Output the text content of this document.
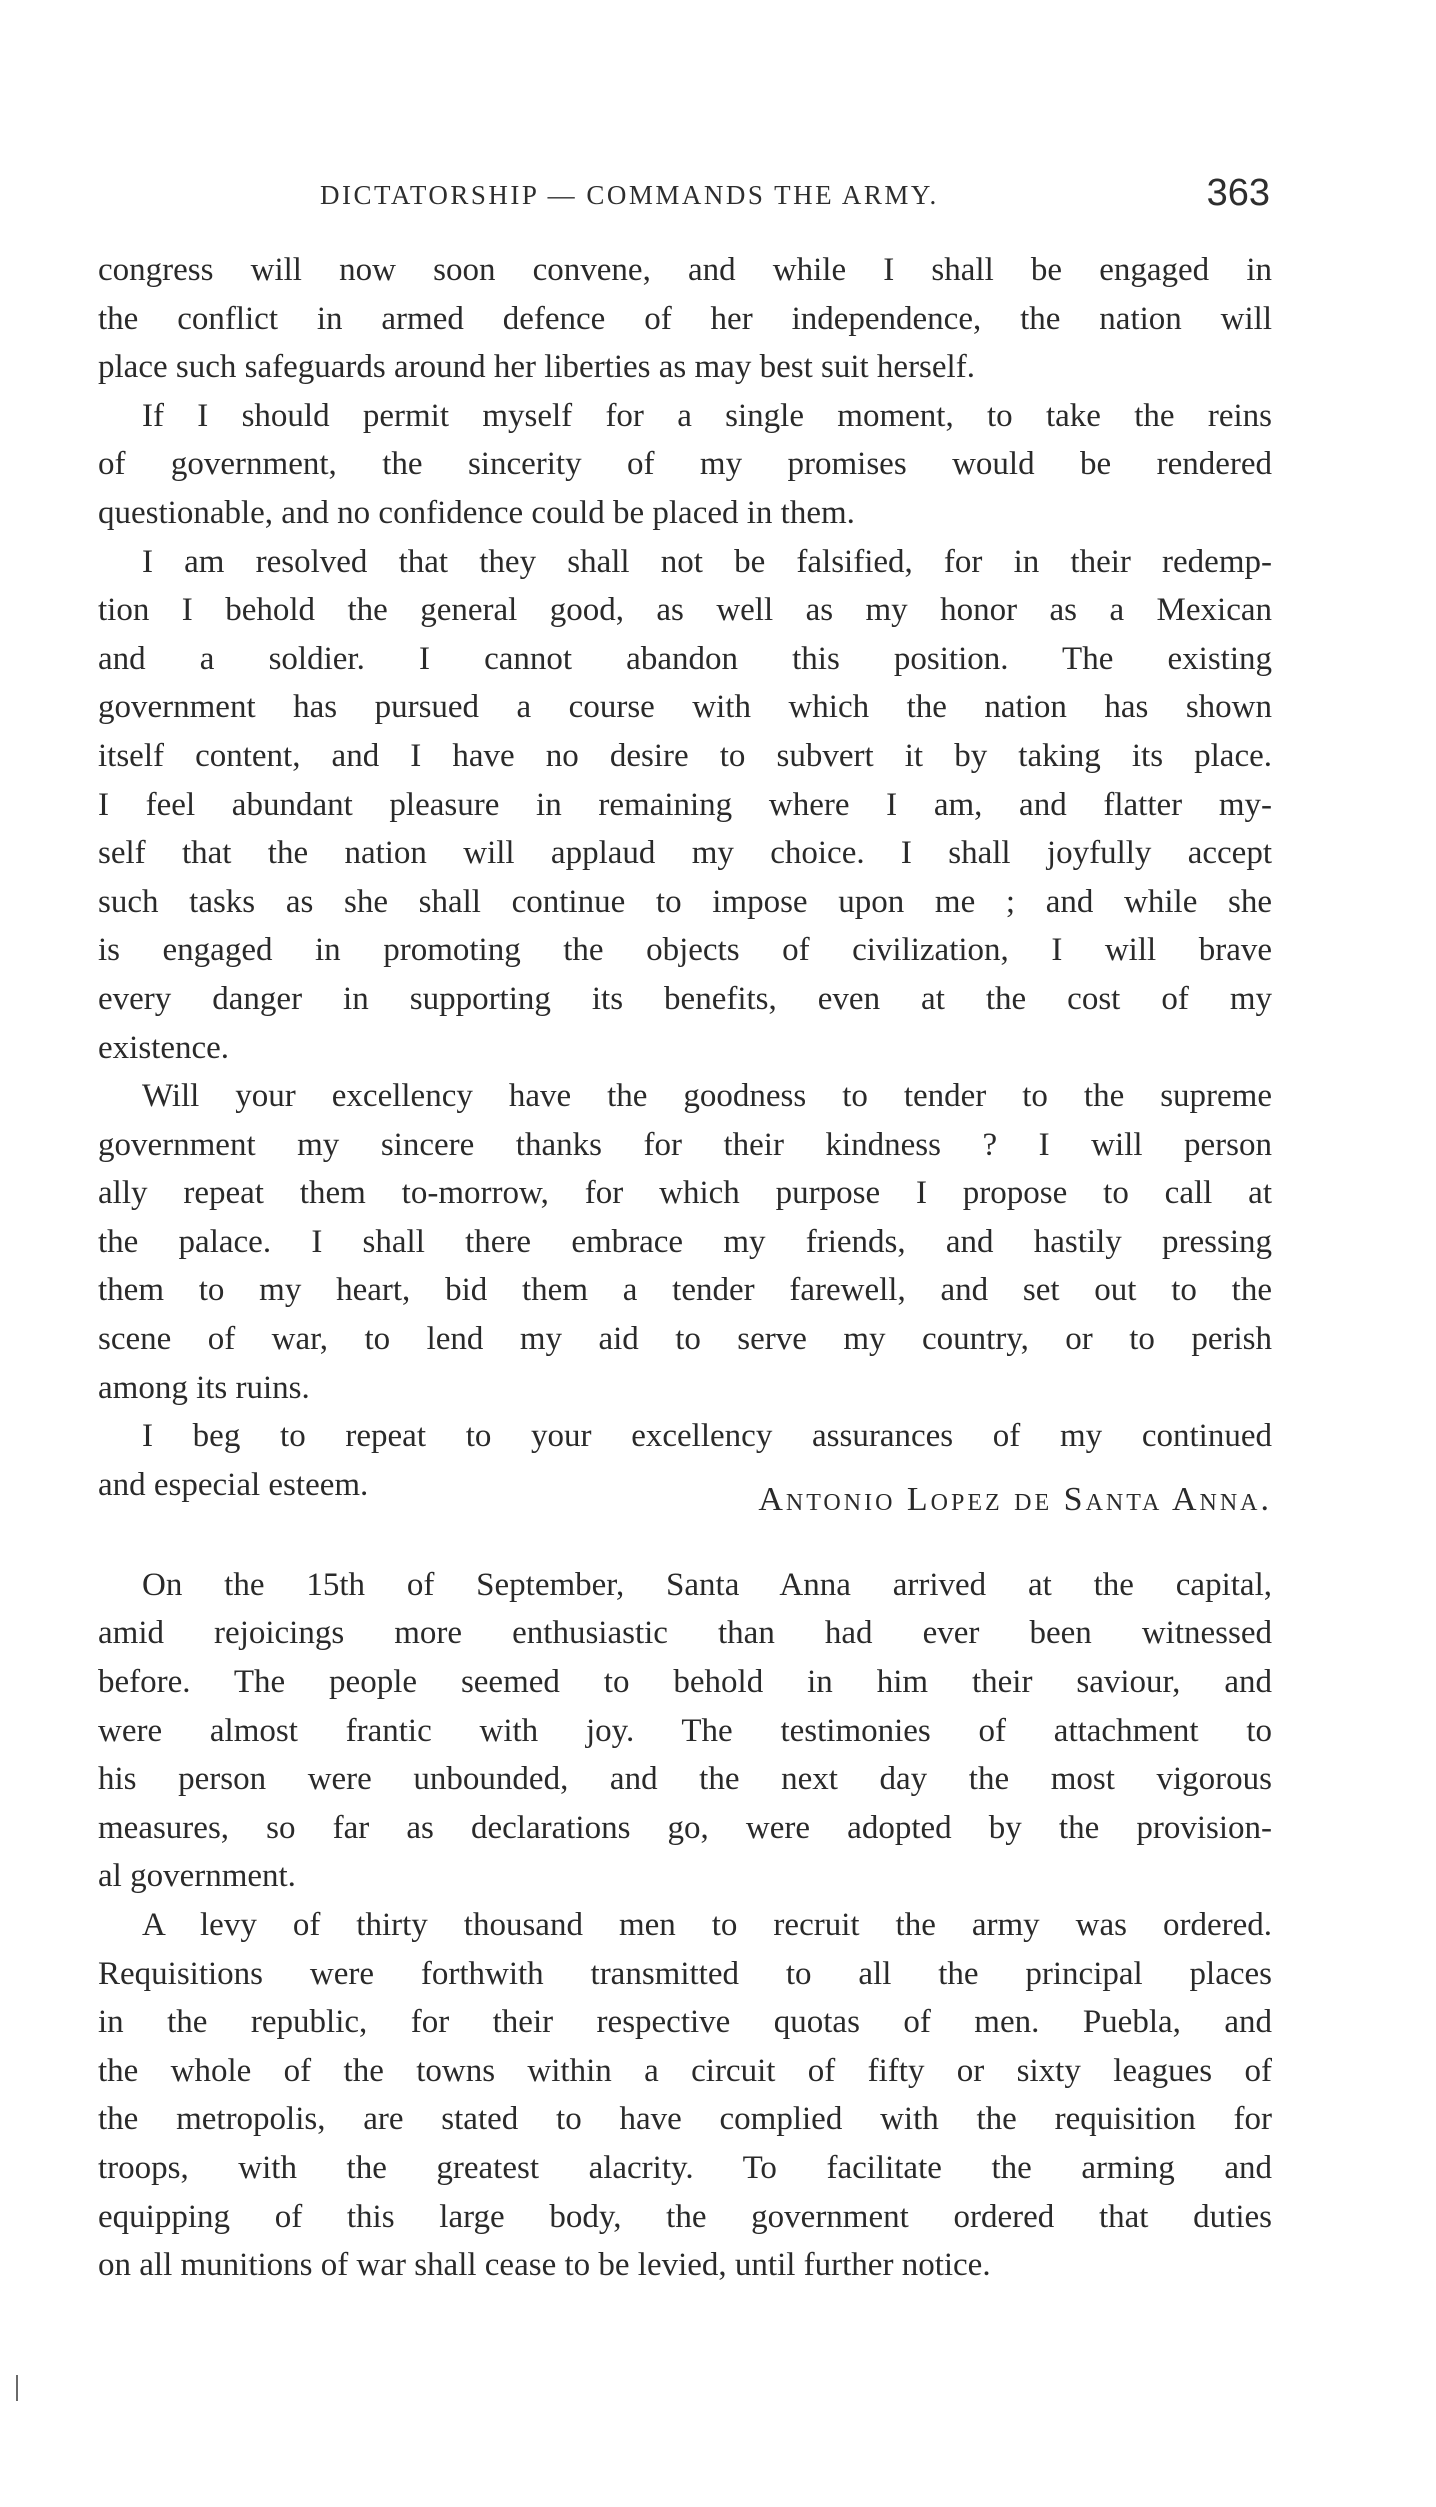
DICTATORSHIP — COMMANDS THE ARMY.	363
congress will now soon convene, and while I shall be engaged in
the conflict in armed defence of her independence, the nation will
place such safeguards around her liberties as may best suit herself.
If I should permit myself for a single moment, to take the reins
of government, the sincerity of my promises would be rendered
questionable, and no confidence could be placed in them.
I am resolved that they shall not be falsified, for in their redemp-
tion I behold the general good, as well as my honor as a Mexican
and a soldier. I cannot abandon this position. The existing
government has pursued a course with which the nation has shown
itself content, and I have no desire to subvert it by taking its place.
I feel abundant pleasure in remaining where I am, and flatter my-
self that the nation will applaud my choice. I shall joyfully accept
such tasks as she shall continue to impose upon me ; and while she
is engaged in promoting the objects of civilization, I will brave
every danger in supporting its benefits, even at the cost of my
existence.
Will your excellency have the goodness to tender to the supreme
government my sincere thanks for their kindness ? I will person
ally repeat them to-morrow, for which purpose I propose to call at
the palace. I shall there embrace my friends, and hastily pressing
them to my heart, bid them a tender farewell, and set out to the
scene of war, to lend my aid to serve my country, or to perish
among its ruins.
I beg to repeat to your excellency assurances of my continued
and especial esteem.	Antonio Lopez de Santa Anna.
On the 15th of September, Santa Anna arrived at the capital,
amid rejoicings more enthusiastic than had ever been witnessed
before. The people seemed to behold in him their saviour, and
were almost frantic with joy. The testimonies of attachment to
his person were unbounded, and the next day the most vigorous
measures, so far as declarations go, were adopted by the provision-
al government.
A levy of thirty thousand men to recruit the army was ordered.
Requisitions were forthwith transmitted to all the principal places
in the republic, for their respective quotas of men. Puebla, and
the whole of the towns within a circuit of fifty or sixty leagues of
the metropolis, are stated to have complied with the requisition for
troops, with the greatest alacrity. To facilitate the arming and
equipping of this large body, the government ordered that duties
on all munitions of war shall cease to be levied, until further notice.
